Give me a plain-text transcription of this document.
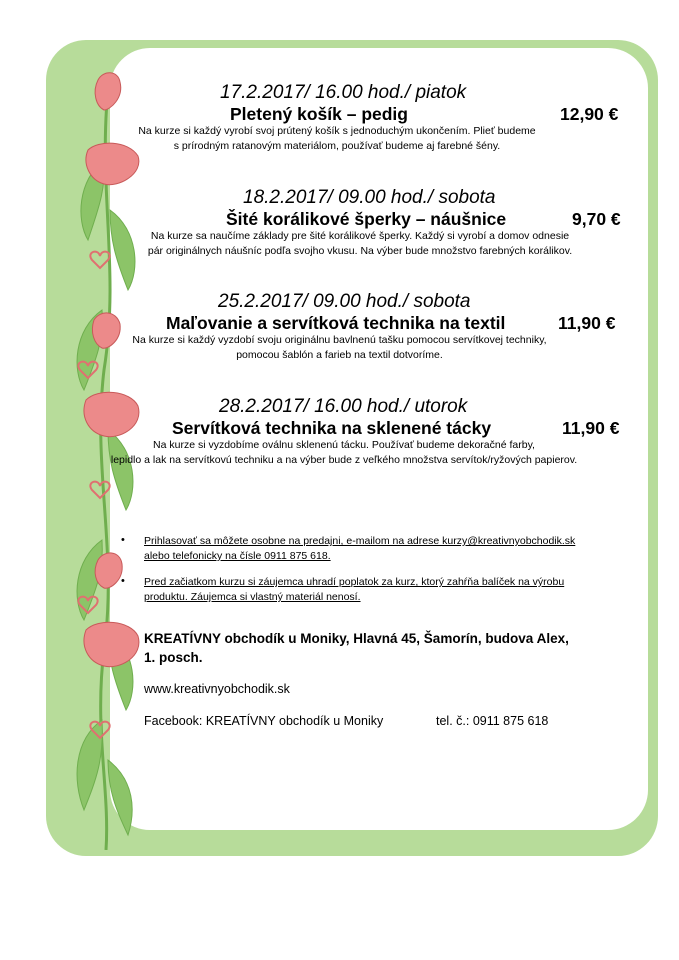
17.2.2017/ 16.00 hod./ piatok
Pletený košík – pedig	12,90 €
Na kurze si každý vyrobí svoj prútený košík s jednoduchým ukončením. Plieť budeme
s prírodným ratanovým materiálom, používať budeme aj farebné šény.
18.2.2017/ 09.00 hod./ sobota
Šité korálikové šperky – náušnice	9,70 €
Na kurze sa naučíme základy pre šité korálikové šperky. Každý si vyrobí a domov odnesie
pár originálnych náušníc podľa svojho vkusu. Na výber bude množstvo farebných korálikov.
25.2.2017/ 09.00 hod./ sobota
Maľovanie a servítková technika na textil	11,90 €
Na kurze si každý vyzdobí svoju originálnu bavlnenú tašku pomocou servítkovej techniky,
pomocou šablón a farieb na textil dotvoríme.
28.2.2017/ 16.00 hod./ utorok
Servítková technika na sklenené tácky	11,90 €
Na kurze si vyzdobíme oválnu sklenenú tácku. Používať budeme dekoračné farby,
lepidlo a lak na servítkovú techniku a na výber bude z veľkého množstva servítok/ryžových papierov.
• Prihlasovať sa môžete osobne na predajni, e-mailom na adrese kurzy@kreativnyobchodik.sk
alebo telefonicky na čísle 0911 875 618.
• Pred začiatkom kurzu si záujemca uhradí poplatok za kurz, ktorý zahŕňa balíček na výrobu
produktu. Záujemca si vlastný materiál nenosí.
KREATÍVNY obchodík u Moniky, Hlavná 45, Šamorín, budova Alex,
1. posch.
www.kreativnyobchodik.sk
Facebook: KREATÍVNY obchodík u Moniky	tel. č.: 0911 875 618
